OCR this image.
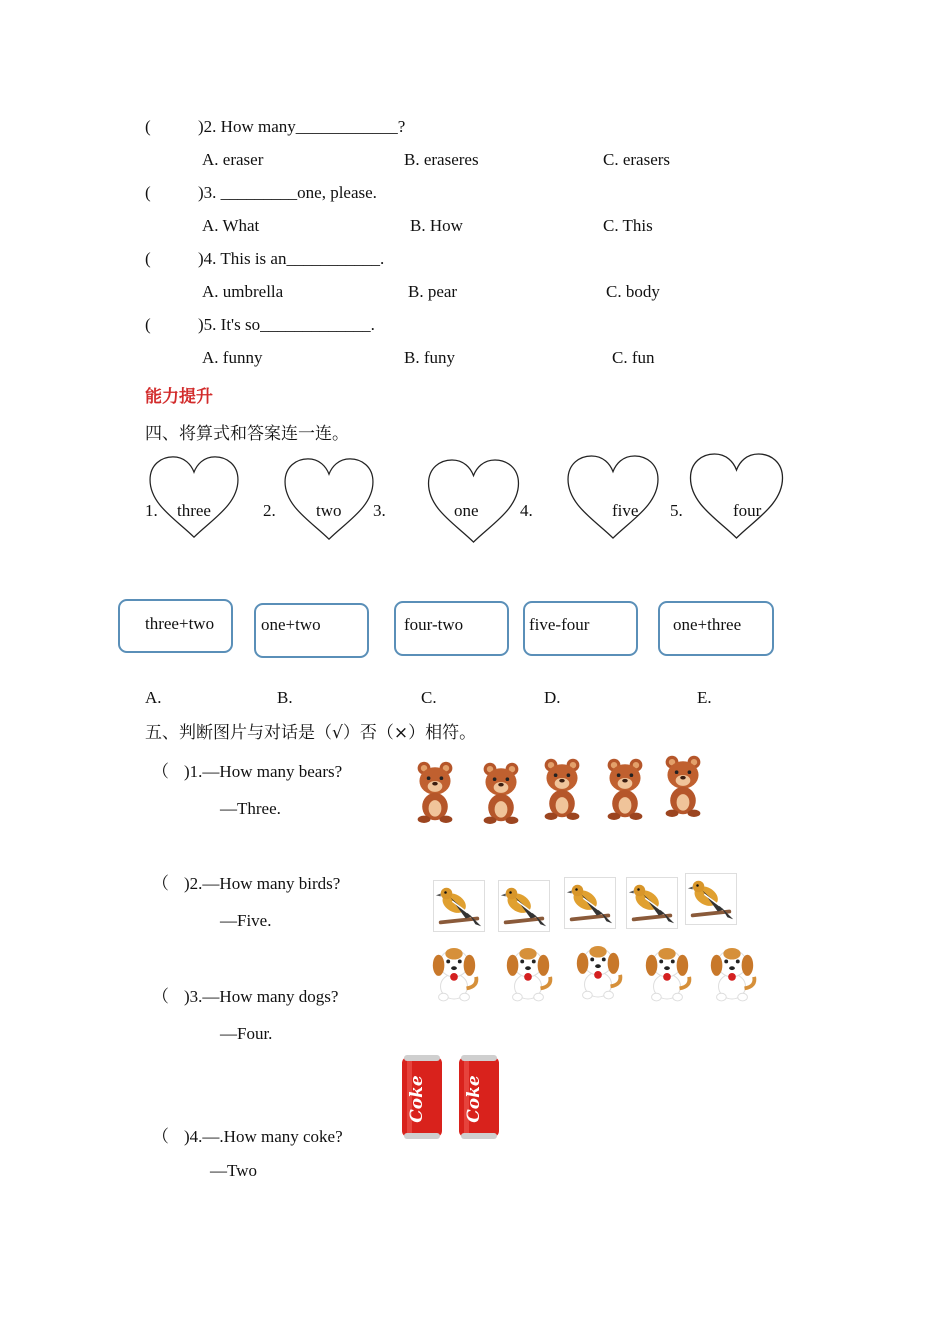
(	)2. How many____________?
A. eraser	B. eraseres	C. erasers
(	)3. _________one, please.
A. What	B. How	C. This
(	)4. This is an___________.
A. umbrella	B. pear	C. body
(	)5. It's so_____________.
A. funny	B. funy	C. fun
能力提升
四、将算式和答案连一连。
1. three	2. two 3.	one 4.	five 5.	four
three+two	one+two	four-two	five-four	one+three
A.	B.	C.	D.	E.
五、判断图片与对话是（√）否（×）相符。
（ )1.—How many bears?
—Three.
（ )2.—How many birds?
—Five.
（ )3.—How many dogs?
—Four.
Coke Coke
（ )4.—.How many coke?
—Two
